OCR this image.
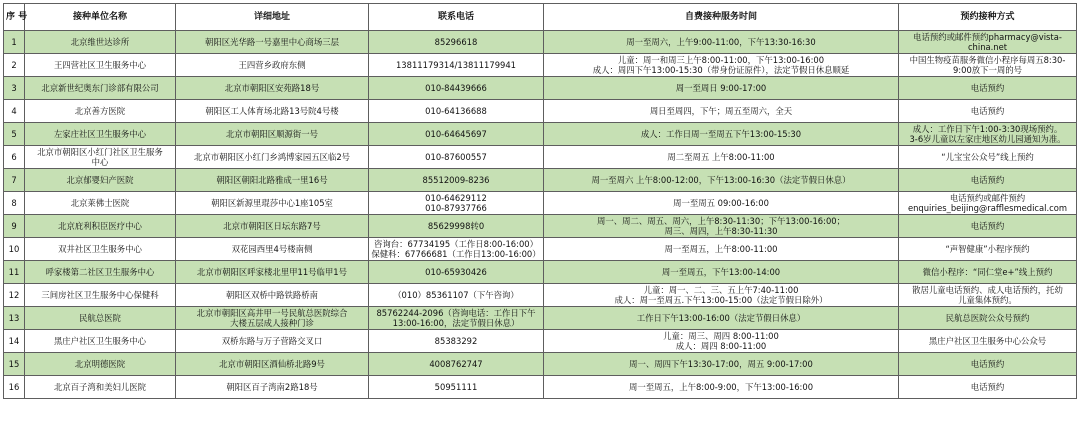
序 号	接种单位名称	详细地址	联系电话	自费接种服务时间	预约接种方式
1	北京维世达诊所	朝阳区光华路一号嘉里中心商场三层	85296618	周一至周六，上午9:00-11:00，下午13:30-16:30	电话预约或邮件预约pharmacy@vista-
china.net

2	王四营社区卫生服务中心	王四营乡政府东侧	13811179314/13811179941	儿童：周一和周三上午8:00-11:00，下午13:00-16:00
成人：周四下午13:00-15:30（带身份证原件），法定节假日休息顺延	中国生物疫苗服务微信小程序每周五8:30-
9:00放下一周的号

3	北京新世纪奥东门诊部有限公司	北京市朝阳区安苑路18号	010-84439666	周一至周日 9:00-17:00	电话预约

4	北京善方医院	朝阳区工人体育场北路13号院4号楼	010-64136688	周日至周四，下午；周五至周六，全天	电话预约

5	左家庄社区卫生服务中心	北京市朝阳区顺源街一号	010-64645697	成人：工作日周一至周五下午13:00-15:30	成人：工作日下午1:00-3:30现场预约。
3-6岁儿童以左家庄地区幼儿园通知为准。

6	北京市朝阳区小红门社区卫生服务
中心	北京市朝阳区小红门乡鸿博家园五区临2号	010-87600557	周二至周五 上午8:00-11:00	“儿宝宝公众号”线上预约

7	北京郁婴妇产医院	朝阳区朝阳北路雅成一里16号	85512009-8236	周一至周六 上午8:00-12:00，下午13:00-16:30（法定节假日休息）	电话预约

8	北京莱佛士医院	朝阳区新源里琨莎中心1座105室	010-64629112
010-87937766	周一至周五 09:00-16:00	电话预约或邮件预约
enquiries_beijing@rafflesmedical.com

9	北京庇利积臣医疗中心	北京市朝阳区日坛东路7号	85629998转0	周一、周二、周五、周六，上午8:30-11:30；下午13:00-16:00；
周三、周四，上午8:30-11:30	电话预约

10	双井社区卫生服务中心	双花园西里4号楼南侧	咨询台：67734195（工作日8:00-16:00）
保健科：67766681（工作日13:00-16:00）	周一至周五，上午8:00-11:00	“声智健康”小程序预约

11	呼家楼第二社区卫生服务中心	北京市朝阳区呼家楼北里甲11号临甲1号	010-65930426	周一至周五，下午13:00-14:00	微信小程序：“同仁堂e+”线上预约

12	三间房社区卫生服务中心保健科	朝阳区双桥中路铁路桥南	（010）85361107（下午咨询）	儿童：周一、二、三、五上午7:40-11:00
成人：周一至周五.下午13:00-15:00（法定节假日除外）	散居儿童电话预约、成人电话预约，托幼
儿童集体预约。

13	民航总医院	北京市朝阳区高井甲一号民航总医院综合
大楼五层成人接种门诊	85762244-2096（咨询电话：工作日下午
13:00-16:00，法定节假日休息）	工作日下午13:00-16:00（法定节假日休息）	民航总医院公众号预约

14	黑庄户社区卫生服务中心	双桥东路与万子营路交叉口	85383292	儿童：周三、周四 8:00-11:00
成人：周四 8:00-11:00	黑庄户社区卫生服务中心公众号

15	北京明德医院	北京市朝阳区酒仙桥北路9号	4008762747	周一、周四下午13:30-17:00，周五 9:00-17:00	电话预约

16	北京百子湾和美妇儿医院	朝阳区百子湾南2路18号	50951111	周一至周五，上午8:00-9:00，下午13:00-16:00	电话预约
